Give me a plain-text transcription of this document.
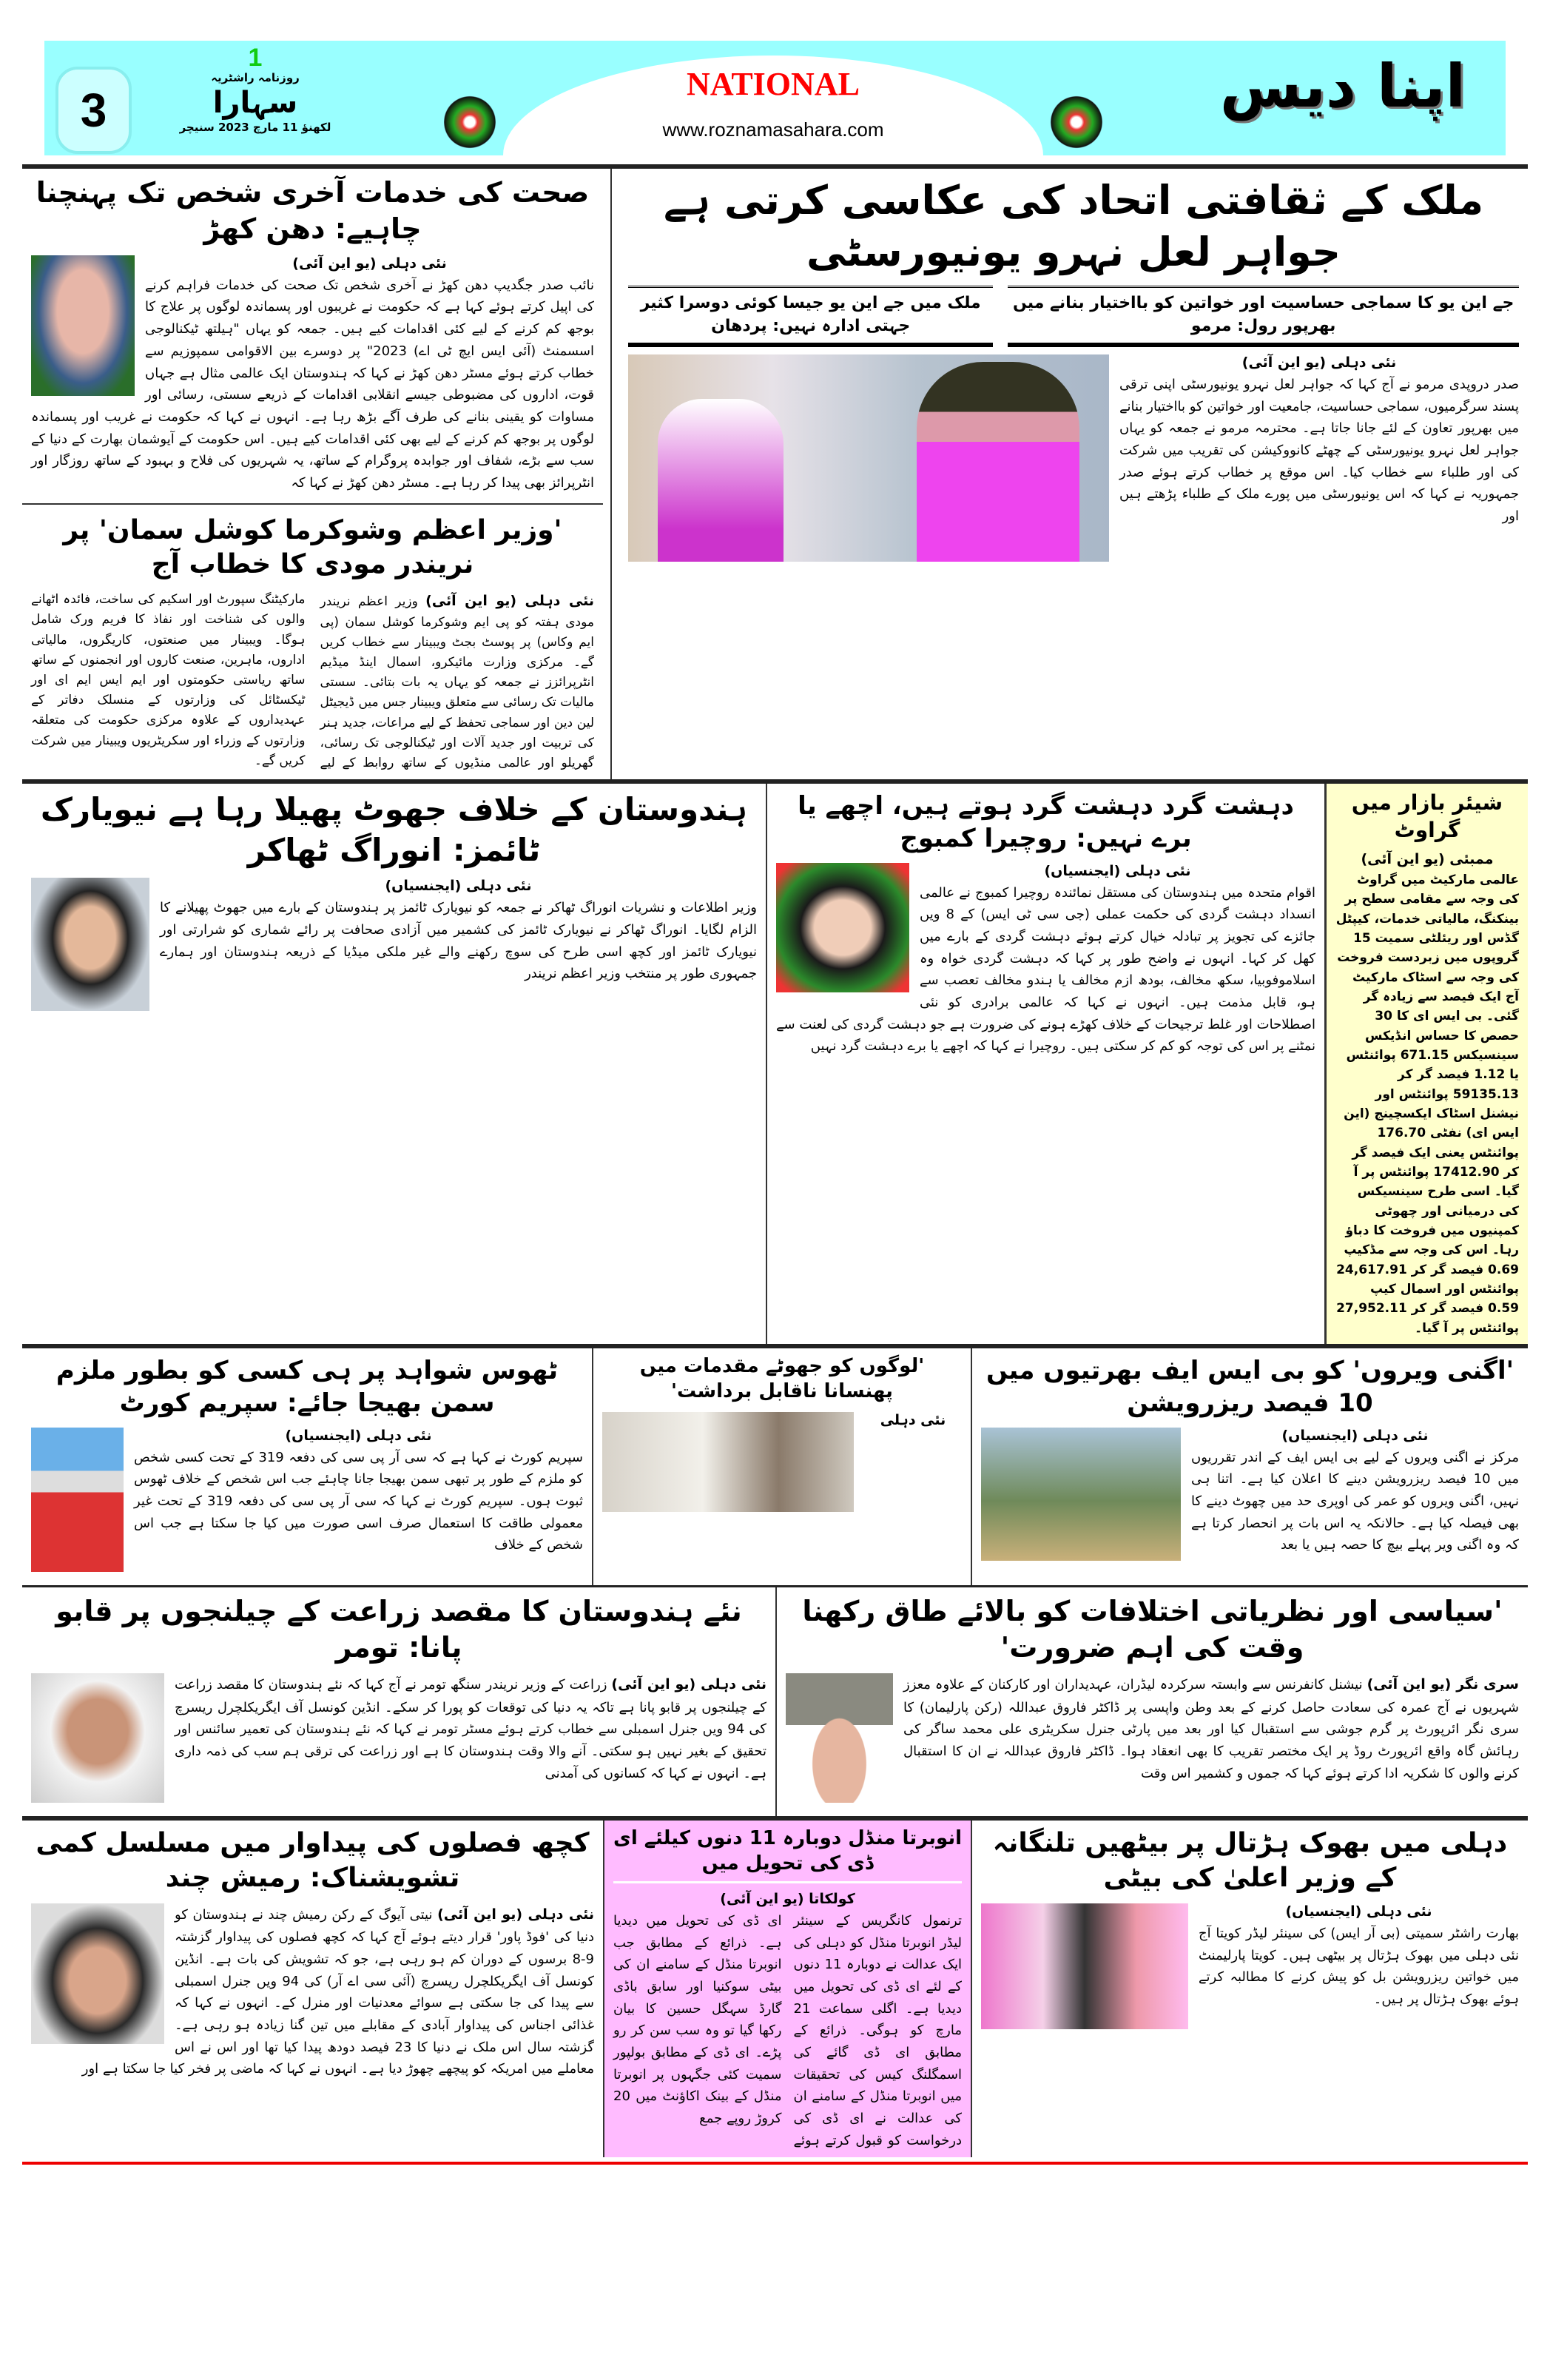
3
1
روزنامہ راشٹریہ
سہارا
لکھنؤ 11 مارچ 2023 سنیچر
NATIONAL
www.roznamasahara.com
اپنا دیس
صحت کی خدمات آخری شخص تک پہنچنا چاہیے: دھن کھڑ
نئی دہلی (یو این آئی)
نائب صدر جگدیپ دھن کھڑ نے آخری شخص تک صحت کی خدمات فراہم کرنے کی اپیل کرتے ہوئے کہا ہے کہ حکومت نے غریبوں اور پسماندہ لوگوں پر علاج کا بوجھ کم کرنے کے لیے کئی اقدامات کیے ہیں۔ جمعہ کو یہاں "ہیلتھ ٹیکنالوجی اسسمنٹ (آئی ایس ایچ ٹی اے) 2023" پر دوسرے بین الاقوامی سمپوزیم سے خطاب کرتے ہوئے مسٹر دھن کھڑ نے کہا کہ ہندوستان ایک عالمی مثال ہے جہاں قوت، اداروں کی مضبوطی جیسے انقلابی اقدامات کے ذریعے سستی، رسائی اور مساوات کو یقینی بنانے کی طرف آگے بڑھ رہا ہے۔ انہوں نے کہا کہ حکومت نے غریب اور پسماندہ لوگوں پر بوجھ کم کرنے کے لیے بھی کئی اقدامات کیے ہیں۔ اس حکومت کے آیوشمان بھارت کے دنیا کے سب سے بڑے، شفاف اور جوابدہ پروگرام کے ساتھ، یہ شہریوں کی فلاح و بہبود کے ساتھ روزگار اور انٹرپرائز بھی پیدا کر رہا ہے۔ مسٹر دھن کھڑ نے کہا کہ
'وزیر اعظم وشوکرما کوشل سمان' پر نریندر مودی کا خطاب آج
نئی دہلی (یو این آئی) وزیر اعظم نریندر مودی ہفتہ کو پی ایم وشوکرما کوشل سمان (پی ایم وکاس) پر پوسٹ بجٹ ویبینار سے خطاب کریں گے۔ مرکزی وزارت مائیکرو، اسمال اینڈ میڈیم انٹرپرائزز نے جمعہ کو یہاں یہ بات بتائی۔ سستی مالیات تک رسائی سے متعلق ویبینار جس میں ڈیجیٹل لین دین اور سماجی تحفظ کے لیے مراعات، جدید ہنر کی تربیت اور جدید آلات اور ٹیکنالوجی تک رسائی، گھریلو اور عالمی منڈیوں کے ساتھ روابط کے لیے مارکیٹنگ سپورٹ اور اسکیم کی ساخت، فائدہ اٹھانے والوں کی شناخت اور نفاذ کا فریم ورک شامل ہوگا۔ ویبینار میں صنعتوں، کاریگروں، مالیاتی اداروں، ماہرین، صنعت کاروں اور انجمنوں کے ساتھ ساتھ ریاستی حکومتوں اور ایم ایس ایم ای اور ٹیکسٹائل کی وزارتوں کے منسلک دفاتر کے عہدیداروں کے علاوہ مرکزی حکومت کی متعلقہ وزارتوں کے وزراء اور سکریٹریوں ویبینار میں شرکت کریں گے۔
ملک کے ثقافتی اتحاد کی عکاسی کرتی ہے جواہر لعل نہرو یونیورسٹی
جے این یو کا سماجی حساسیت اور خواتین کو بااختیار بنانے میں بھرپور رول: مرمو
ملک میں جے این یو جیسا کوئی دوسرا کثیر جہتی ادارہ نہیں: پردھان
نئی دہلی (یو این آئی)
صدر دروپدی مرمو نے آج کہا کہ جواہر لعل نہرو یونیورسٹی اپنی ترقی پسند سرگرمیوں، سماجی حساسیت، جامعیت اور خواتین کو بااختیار بنانے میں بھرپور تعاون کے لئے جانا جاتا ہے۔ محترمہ مرمو نے جمعہ کو یہاں جواہر لعل نہرو یونیورسٹی کے چھٹے کانووکیشن کی تقریب میں شرکت کی اور طلباء سے خطاب کیا۔ اس موقع پر خطاب کرتے ہوئے صدر جمہوریہ نے کہا کہ اس یونیورسٹی میں پورے ملک کے طلباء پڑھتے ہیں اور
ہندوستان کے خلاف جھوٹ پھیلا رہا ہے نیویارک ٹائمز: انوراگ ٹھاکر
نئی دہلی (ایجنسیاں)
وزیر اطلاعات و نشریات انوراگ ٹھاکر نے جمعہ کو نیویارک ٹائمز پر ہندوستان کے بارے میں جھوٹ پھیلانے کا الزام لگایا۔ انوراگ ٹھاکر نے نیویارک ٹائمز کی کشمیر میں آزادی صحافت پر رائے شماری کو شرارتی اور نیویارک ٹائمز اور کچھ اسی طرح کی سوچ رکھنے والے غیر ملکی میڈیا کے ذریعہ ہندوستان اور ہمارے جمہوری طور پر منتخب وزیر اعظم نریندر
دہشت گرد دہشت گرد ہوتے ہیں، اچھے یا برے نہیں: روچیرا کمبوج
نئی دہلی (ایجنسیاں)
اقوام متحدہ میں ہندوستان کی مستقل نمائندہ روچیرا کمبوج نے عالمی انسداد دہشت گردی کی حکمت عملی (جی سی ٹی ایس) کے 8 ویں جائزے کی تجویز پر تبادلہ خیال کرتے ہوئے دہشت گردی کے بارے میں کھل کر کہا۔ انہوں نے واضح طور پر کہا کہ دہشت گردی خواہ وہ اسلاموفوبیا، سکھ مخالف، بودھ ازم مخالف یا ہندو مخالف تعصب سے ہو، قابل مذمت ہیں۔ انہوں نے کہا کہ عالمی برادری کو نئی اصطلاحات اور غلط ترجیحات کے خلاف کھڑے ہونے کی ضرورت ہے جو دہشت گردی کی لعنت سے نمٹنے پر اس کی توجہ کو کم کر سکتی ہیں۔ روچیرا نے کہا کہ اچھے یا برے دہشت گرد نہیں
شیئر بازار میں گراوٹ
ممبئی (یو این آئی)
عالمی مارکیٹ میں گراوٹ کی وجہ سے مقامی سطح پر بینکنگ، مالیاتی خدمات، کیپٹل گڈس اور ریئلٹی سمیت 15 گروپوں میں زبردست فروخت کی وجہ سے اسٹاک مارکیٹ آج ایک فیصد سے زیادہ گر گئی۔ بی ایس ای کا 30 حصص کا حساس انڈیکس سینسیکس 671.15 پوائنٹس یا 1.12 فیصد گر کر 59135.13 پوائنٹس اور نیشنل اسٹاک ایکسچینج (این ایس ای) نفٹی 176.70 پوائنٹس یعنی ایک فیصد گر کر 17412.90 پوائنٹس پر آ گیا۔ اسی طرح سینسیکس کی درمیانی اور چھوٹی کمپنیوں میں فروخت کا دباؤ رہا۔ اس کی وجہ سے مڈکیپ 0.69 فیصد گر کر 24,617.91 پوائنٹس اور اسمال کیپ 0.59 فیصد گر کر 27,952.11 پوائنٹس پر آ گیا۔
ٹھوس شواہد پر ہی کسی کو بطور ملزم سمن بھیجا جائے: سپریم کورٹ
نئی دہلی (ایجنسیاں)
سپریم کورٹ نے کہا ہے کہ سی آر پی سی کی دفعہ 319 کے تحت کسی شخص کو ملزم کے طور پر تبھی سمن بھیجا جانا چاہئے جب اس شخص کے خلاف ٹھوس ثبوت ہوں۔ سپریم کورٹ نے کہا کہ سی آر پی سی کی دفعہ 319 کے تحت غیر معمولی طاقت کا استعمال صرف اسی صورت میں کیا جا سکتا ہے جب اس شخص کے خلاف
'لوگوں کو جھوٹے مقدمات میں پھنسانا ناقابل برداشت'
نئی دہلی
'اگنی ویروں' کو بی ایس ایف بھرتیوں میں 10 فیصد ریزرویشن
نئی دہلی (ایجنسیاں)
مرکز نے اگنی ویروں کے لیے بی ایس ایف کے اندر تقرریوں میں 10 فیصد ریزرویشن دینے کا اعلان کیا ہے۔ اتنا ہی نہیں، اگنی ویروں کو عمر کی اوپری حد میں چھوٹ دینے کا بھی فیصلہ کیا ہے۔ حالانکہ یہ اس بات پر انحصار کرتا ہے کہ وہ اگنی ویر پہلے بیچ کا حصہ ہیں یا بعد
نئے ہندوستان کا مقصد زراعت کے چیلنجوں پر قابو پانا: تومر
نئی دہلی (یو این آئی) زراعت کے وزیر نریندر سنگھ تومر نے آج کہا کہ نئے ہندوستان کا مقصد زراعت کے چیلنجوں پر قابو پانا ہے تاکہ یہ دنیا کی توقعات کو پورا کر سکے۔ انڈین کونسل آف ایگریکلچرل ریسرچ کی 94 ویں جنرل اسمبلی سے خطاب کرتے ہوئے مسٹر تومر نے کہا کہ نئے ہندوستان کی تعمیر سائنس اور تحقیق کے بغیر نہیں ہو سکتی۔ آنے والا وقت ہندوستان کا ہے اور زراعت کی ترقی ہم سب کی ذمہ داری ہے۔ انہوں نے کہا کہ کسانوں کی آمدنی
'سیاسی اور نظریاتی اختلافات کو بالائے طاق رکھنا وقت کی اہم ضرورت'
سری نگر (یو این آئی) نیشنل کانفرنس سے وابستہ سرکردہ لیڈران، عہدیداران اور کارکنان کے علاوہ معزز شہریوں نے آج عمرہ کی سعادت حاصل کرنے کے بعد وطن واپسی پر ڈاکٹر فاروق عبداللہ (رکن پارلیمان) کا سری نگر ائرپورٹ پر گرم جوشی سے استقبال کیا اور بعد میں پارٹی جنرل سکریٹری علی محمد ساگر کی رہائش گاہ واقع ائرپورٹ روڈ پر ایک مختصر تقریب کا بھی انعقاد ہوا۔ ڈاکٹر فاروق عبداللہ نے ان کا استقبال کرنے والوں کا شکریہ ادا کرتے ہوئے کہا کہ جموں و کشمیر اس وقت
کچھ فصلوں کی پیداوار میں مسلسل کمی تشویشناک: رمیش چند
نئی دہلی (یو این آئی) نیتی آیوگ کے رکن رمیش چند نے ہندوستان کو دنیا کی 'فوڈ پاور' قرار دیتے ہوئے آج کہا کہ کچھ فصلوں کی پیداوار گزشتہ 9-8 برسوں کے دوران کم ہو رہی ہے، جو کہ تشویش کی بات ہے۔ انڈین کونسل آف ایگریکلچرل ریسرچ (آئی سی اے آر) کی 94 ویں جنرل اسمبلی سے پیدا کی جا سکتی ہے سوائے معدنیات اور منرل کے۔ انہوں نے کہا کہ غذائی اجناس کی پیداوار آبادی کے مقابلے میں تین گنا زیادہ ہو رہی ہے۔ گزشتہ سال اس ملک نے دنیا کا 23 فیصد دودھ پیدا کیا تھا اور اس نے اس معاملے میں امریکہ کو پیچھے چھوڑ دیا ہے۔ انہوں نے کہا کہ ماضی پر فخر کیا جا سکتا ہے اور
انوبرتا منڈل دوبارہ 11 دنوں کیلئے ای ڈی کی تحویل میں
کولکاتا (یو این آئی)
ترنمول کانگریس کے سینئر لیڈر انوبرتا منڈل کو دہلی کی ایک عدالت نے دوبارہ 11 دنوں کے لئے ای ڈی کی تحویل میں دیدیا ہے۔ اگلی سماعت 21 مارچ کو ہوگی۔ ذرائع کے مطابق ای ڈی گائے کی اسمگلنگ کیس کی تحقیقات میں انوبرتا منڈل کے سامنے ان کی عدالت نے ای ڈی کی درخواست کو قبول کرتے ہوئے ای ڈی کی تحویل میں دیدیا ہے۔ ذرائع کے مطابق جب انوبرتا منڈل کے سامنے ان کی بیٹی سوکنیا اور سابق باڈی گارڈ سہگل حسین کا بیان رکھا گیا تو وہ سب سن کر رو پڑے۔ ای ڈی کے مطابق بولپور سمیت کئی جگہوں پر انوبرتا منڈل کے بینک اکاؤنٹ میں 20 کروڑ روپے جمع
دہلی میں بھوک ہڑتال پر بیٹھیں تلنگانہ کے وزیر اعلیٰ کی بیٹی
نئی دہلی (ایجنسیاں)
بھارت راشٹر سمیتی (بی آر ایس) کی سینئر لیڈر کویتا آج نئی دہلی میں بھوک ہڑتال پر بیٹھی ہیں۔ کویتا پارلیمنٹ میں خواتین ریزرویشن بل کو پیش کرنے کا مطالبہ کرتے ہوئے بھوک ہڑتال پر ہیں۔
